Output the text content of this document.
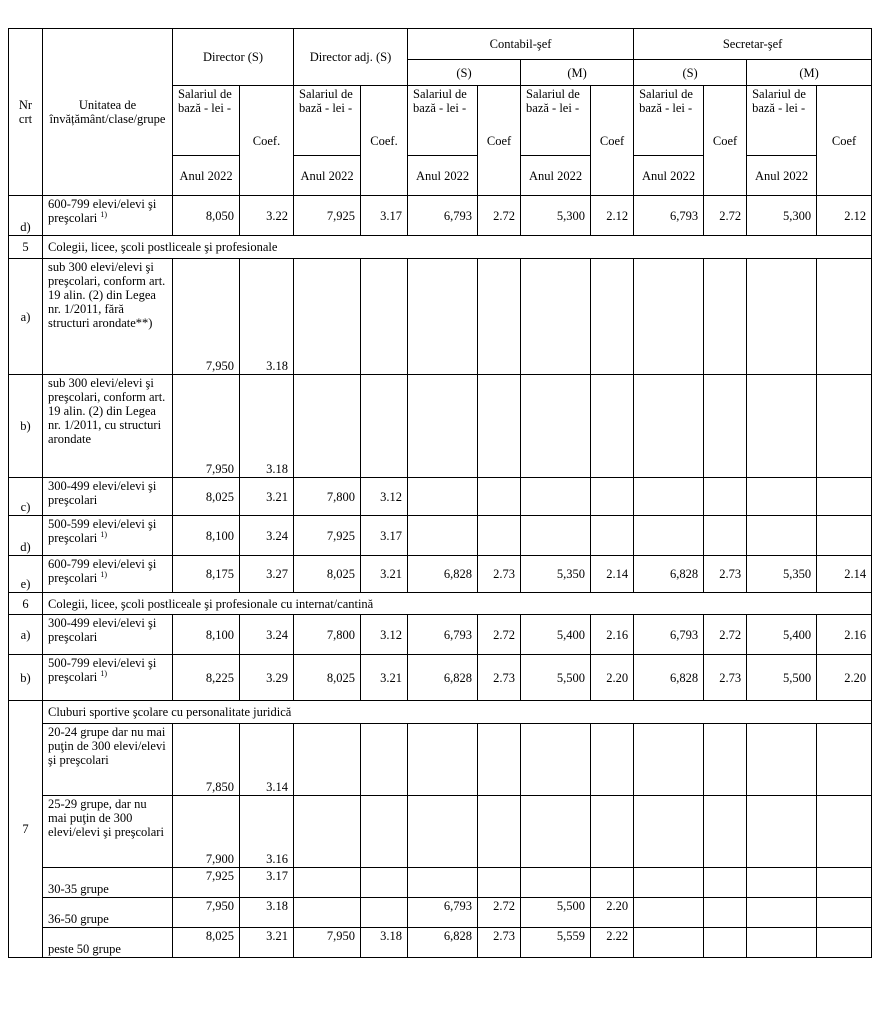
Nr crt	Unitatea de învățământ/clase/grupe	Director (S)		Director adj. (S)		Contabil-şef				Secretar-şef			
						(S)		(M)		(S)		(M)	
		Salariul de bază - lei -	Coef.	Salariul de bază - lei -	Coef.	Salariul de bază - lei -	Coef	Salariul de bază - lei -	Coef	Salariul de bază - lei -	Coef	Salariul de bază - lei -	Coef
		Anul 2022		Anul 2022		Anul 2022		Anul 2022		Anul 2022		Anul 2022	
d)	600-799 elevi/elevi şi preşcolari $^{1)}$	8,050	3.22	7,925	3.17	6,793	2.72	5,300	2.12	6,793	2.72	5,300	2.12
5	Colegii, licee, şcoli postliceale şi profesionale												
a)	sub 300 elevi/elevi şi preşcolari, conform art. 19 alin. (2) din Legea nr. 1/2011, fără structuri arondate**)	7,950	3.18										
b)	sub 300 elevi/elevi şi preşcolari, conform art. 19 alin. (2) din Legea nr. 1/2011, cu structuri arondate	7,950	3.18										
c)	300-499 elevi/elevi şi preşcolari	8,025	3.21	7,800	3.12								
d)	500-599 elevi/elevi şi preşcolari $^{1)}$	8,100	3.24	7,925	3.17								
e)	600-799 elevi/elevi şi preşcolari $^{1)}$	8,175	3.27	8,025	3.21	6,828	2.73	5,350	2.14	6,828	2.73	5,350	2.14
6	Colegii, licee, şcoli postliceale şi profesionale cu internat/cantină												
a)	300-499 elevi/elevi şi preşcolari	8,100	3.24	7,800	3.12	6,793	2.72	5,400	2.16	6,793	2.72	5,400	2.16
b)	500-799 elevi/elevi şi preşcolari $^{1)}$	8,225	3.29	8,025	3.21	6,828	2.73	5,500	2.20	6,828	2.73	5,500	2.20
7	Cluburi sportive şcolare cu personalitate juridică												
	20-24 grupe dar nu mai puţin de 300 elevi/elevi şi preşcolari	7,850	3.14										
	25-29 grupe, dar nu mai puţin de 300 elevi/elevi şi preşcolari	7,900	3.16										
	30-35 grupe	7,925	3.17										
	36-50 grupe	7,950	3.18			6,793	2.72	5,500	2.20				
	peste 50 grupe	8,025	3.21	7,950	3.18	6,828	2.73	5,559	2.22				
